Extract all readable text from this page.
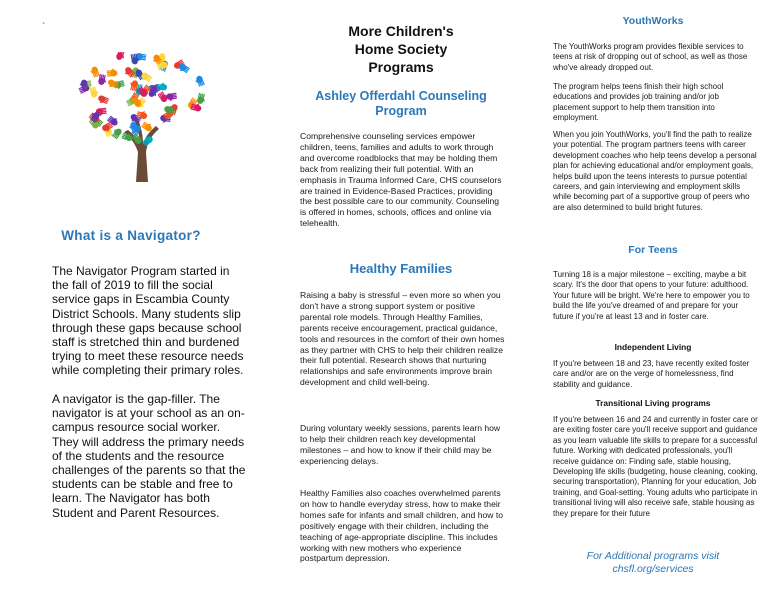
`
What is a Navigator?

The Navigator Program started in the fall of 2019 to fill the social service gaps in Escambia County District Schools. Many students slip through these gaps because school staff is stretched thin and burdened trying to meet these resource needs while completing their primary roles.

A navigator is the gap-filler. The navigator is at your school as an on-campus resource social worker. They will address the primary needs of the students and the resource challenges of the parents so that the students can be stable and free to learn. The Navigator has both Student and Parent Resources.

More Children's
Home Society
Programs
Ashley Offerdahl Counseling
Program

Comprehensive counseling services empower children, teens, families and adults to work through and overcome roadblocks that may be holding them back from realizing their full potential. With an emphasis in Trauma Informed Care, CHS counselors are trained in Evidence-Based Practices, providing the best possible care to our community. Counseling is offered in homes, schools, offices and online via telehealth.

Healthy Families

Raising a baby is stressful – even more so when you don't have a strong support system or positive parental role models. Through Healthy Families, parents receive encouragement, practical guidance, tools and resources in the comfort of their own homes as they partner with CHS to help their children realize their full potential. Research shows that nurturing relationships and safe environments improve brain development and child well-being.

During voluntary weekly sessions, parents learn how to help their children reach key developmental milestones – and how to know if their child may be experiencing delays.

Healthy Families also coaches overwhelmed parents on how to handle everyday stress, how to make their homes safe for infants and small children, and how to positively engage with their children, including the teaching of age-appropriate discipline. This includes working with new mothers who experience postpartum depression.

YouthWorks

The YouthWorks program provides flexible services to teens at risk of dropping out of school, as well as those who've already dropped out.

The program helps teens finish their high school educations and provides job training and/or job placement support to help them transition into employment.

When you join YouthWorks, you'll find the path to realize your potential. The program partners teens with career development coaches who help teens develop a personal plan for achieving educational and/or employment goals, helps build upon the teens interests to pursue potential careers, and gain interviewing and employment skills while becoming part of a supportive group of peers who are also determined to build bright futures.

For Teens

Turning 18 is a major milestone – exciting, maybe a bit scary. It's the door that opens to your future: adulthood. Your future will be bright. We're here to empower you to build the life you've dreamed of and prepare for your future if you're at least 13 and in foster care.

Independent Living

If you're between 18 and 23, have recently exited foster care and/or are on the verge of homelessness, find stability and guidance.

Transitional Living programs

If you're between 16 and 24 and currently in foster care or are exiting foster care you'll receive support and guidance as you learn valuable life skills to prepare for a successful future. Working with dedicated professionals, you'll receive guidance on: Finding safe, stable housing, Developing life skills (budgeting, house cleaning, cooking, securing transportation), Planning for your education, Job training, and Goal-setting. Young adults who participate in transitional living will also receive safe, stable housing as they prepare for their future

For Additional programs visit
chsfl.org/services
